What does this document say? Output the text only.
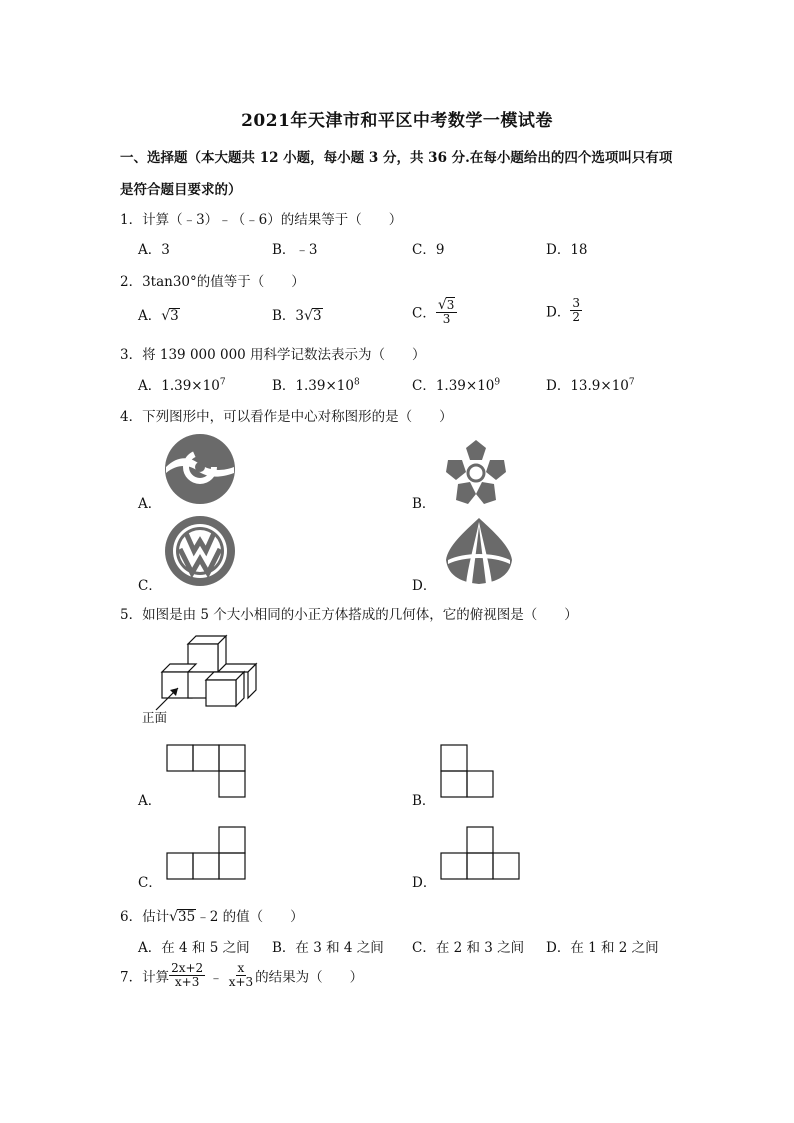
2021年天津市和平区中考数学一模试卷
一、选择题（本大题共 12 小题，每小题 3 分，共 36 分.在每小题给出的四个选项叫只有项
是符合题目要求的）
1．计算（﹣3）﹣（﹣6）的结果等于（　　）
A．3	B．﹣3	C．9	D．18
2．3tan30°的值等于（　　）
A．√3	B．3√3	C． $\frac{√3}{3}$	D． $\frac{3}{2}$
3．将 139 000 000 用科学记数法表示为（　　）
A．$1.39\times 10^7$	B．$1.39\times 10^8$	C．$1.39\times 10^9$	D．$13.9\times 10^7$
4．下列图形中，可以看作是中心对称图形的是（　　）
A．	B．
C．	D．
5．如图是由 5 个大小相同的小正方体搭成的几何体，它的俯视图是（　　）
正面
A．	B．
C．	D．
6．估计√35﹣2 的值（　　）
A．在 4 和 5 之间 B．在 3 和 4 之间 C．在 2 和 3 之间 D．在 1 和 2 之间
7．计算 $\frac{2x+2}{x+3}$ ﹣ $\frac{x}{x+3}$ 的结果为（　　）
